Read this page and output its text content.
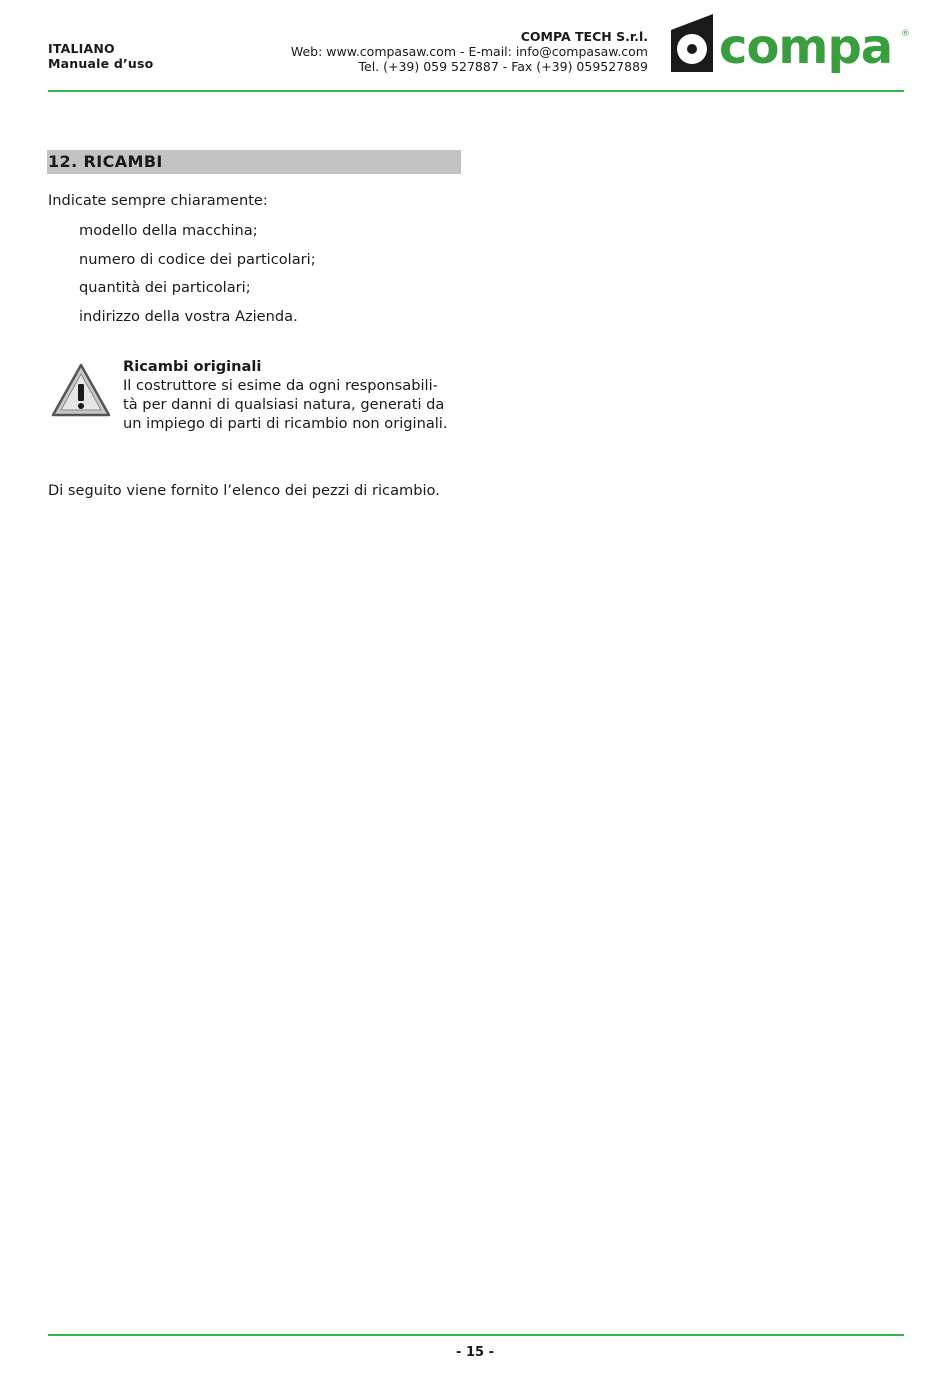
ITALIANO
Manuale d’uso
COMPA TECH S.r.l.
Web: www.compasaw.com - E-mail: info@compasaw.com
Tel. (+39) 059 527887 - Fax (+39) 059527889 compa ®
12. RICAMBI
Indicate sempre chiaramente:
modello della macchina;
numero di codice dei particolari;
quantità dei particolari;
indirizzo della vostra Azienda.
Ricambi originali
Il costruttore si esime da ogni responsabili-
tà per danni di qualsiasi natura, generati da
un impiego di parti di ricambio non originali.
Di seguito viene fornito l’elenco dei pezzi di ricambio.
- 15 -
